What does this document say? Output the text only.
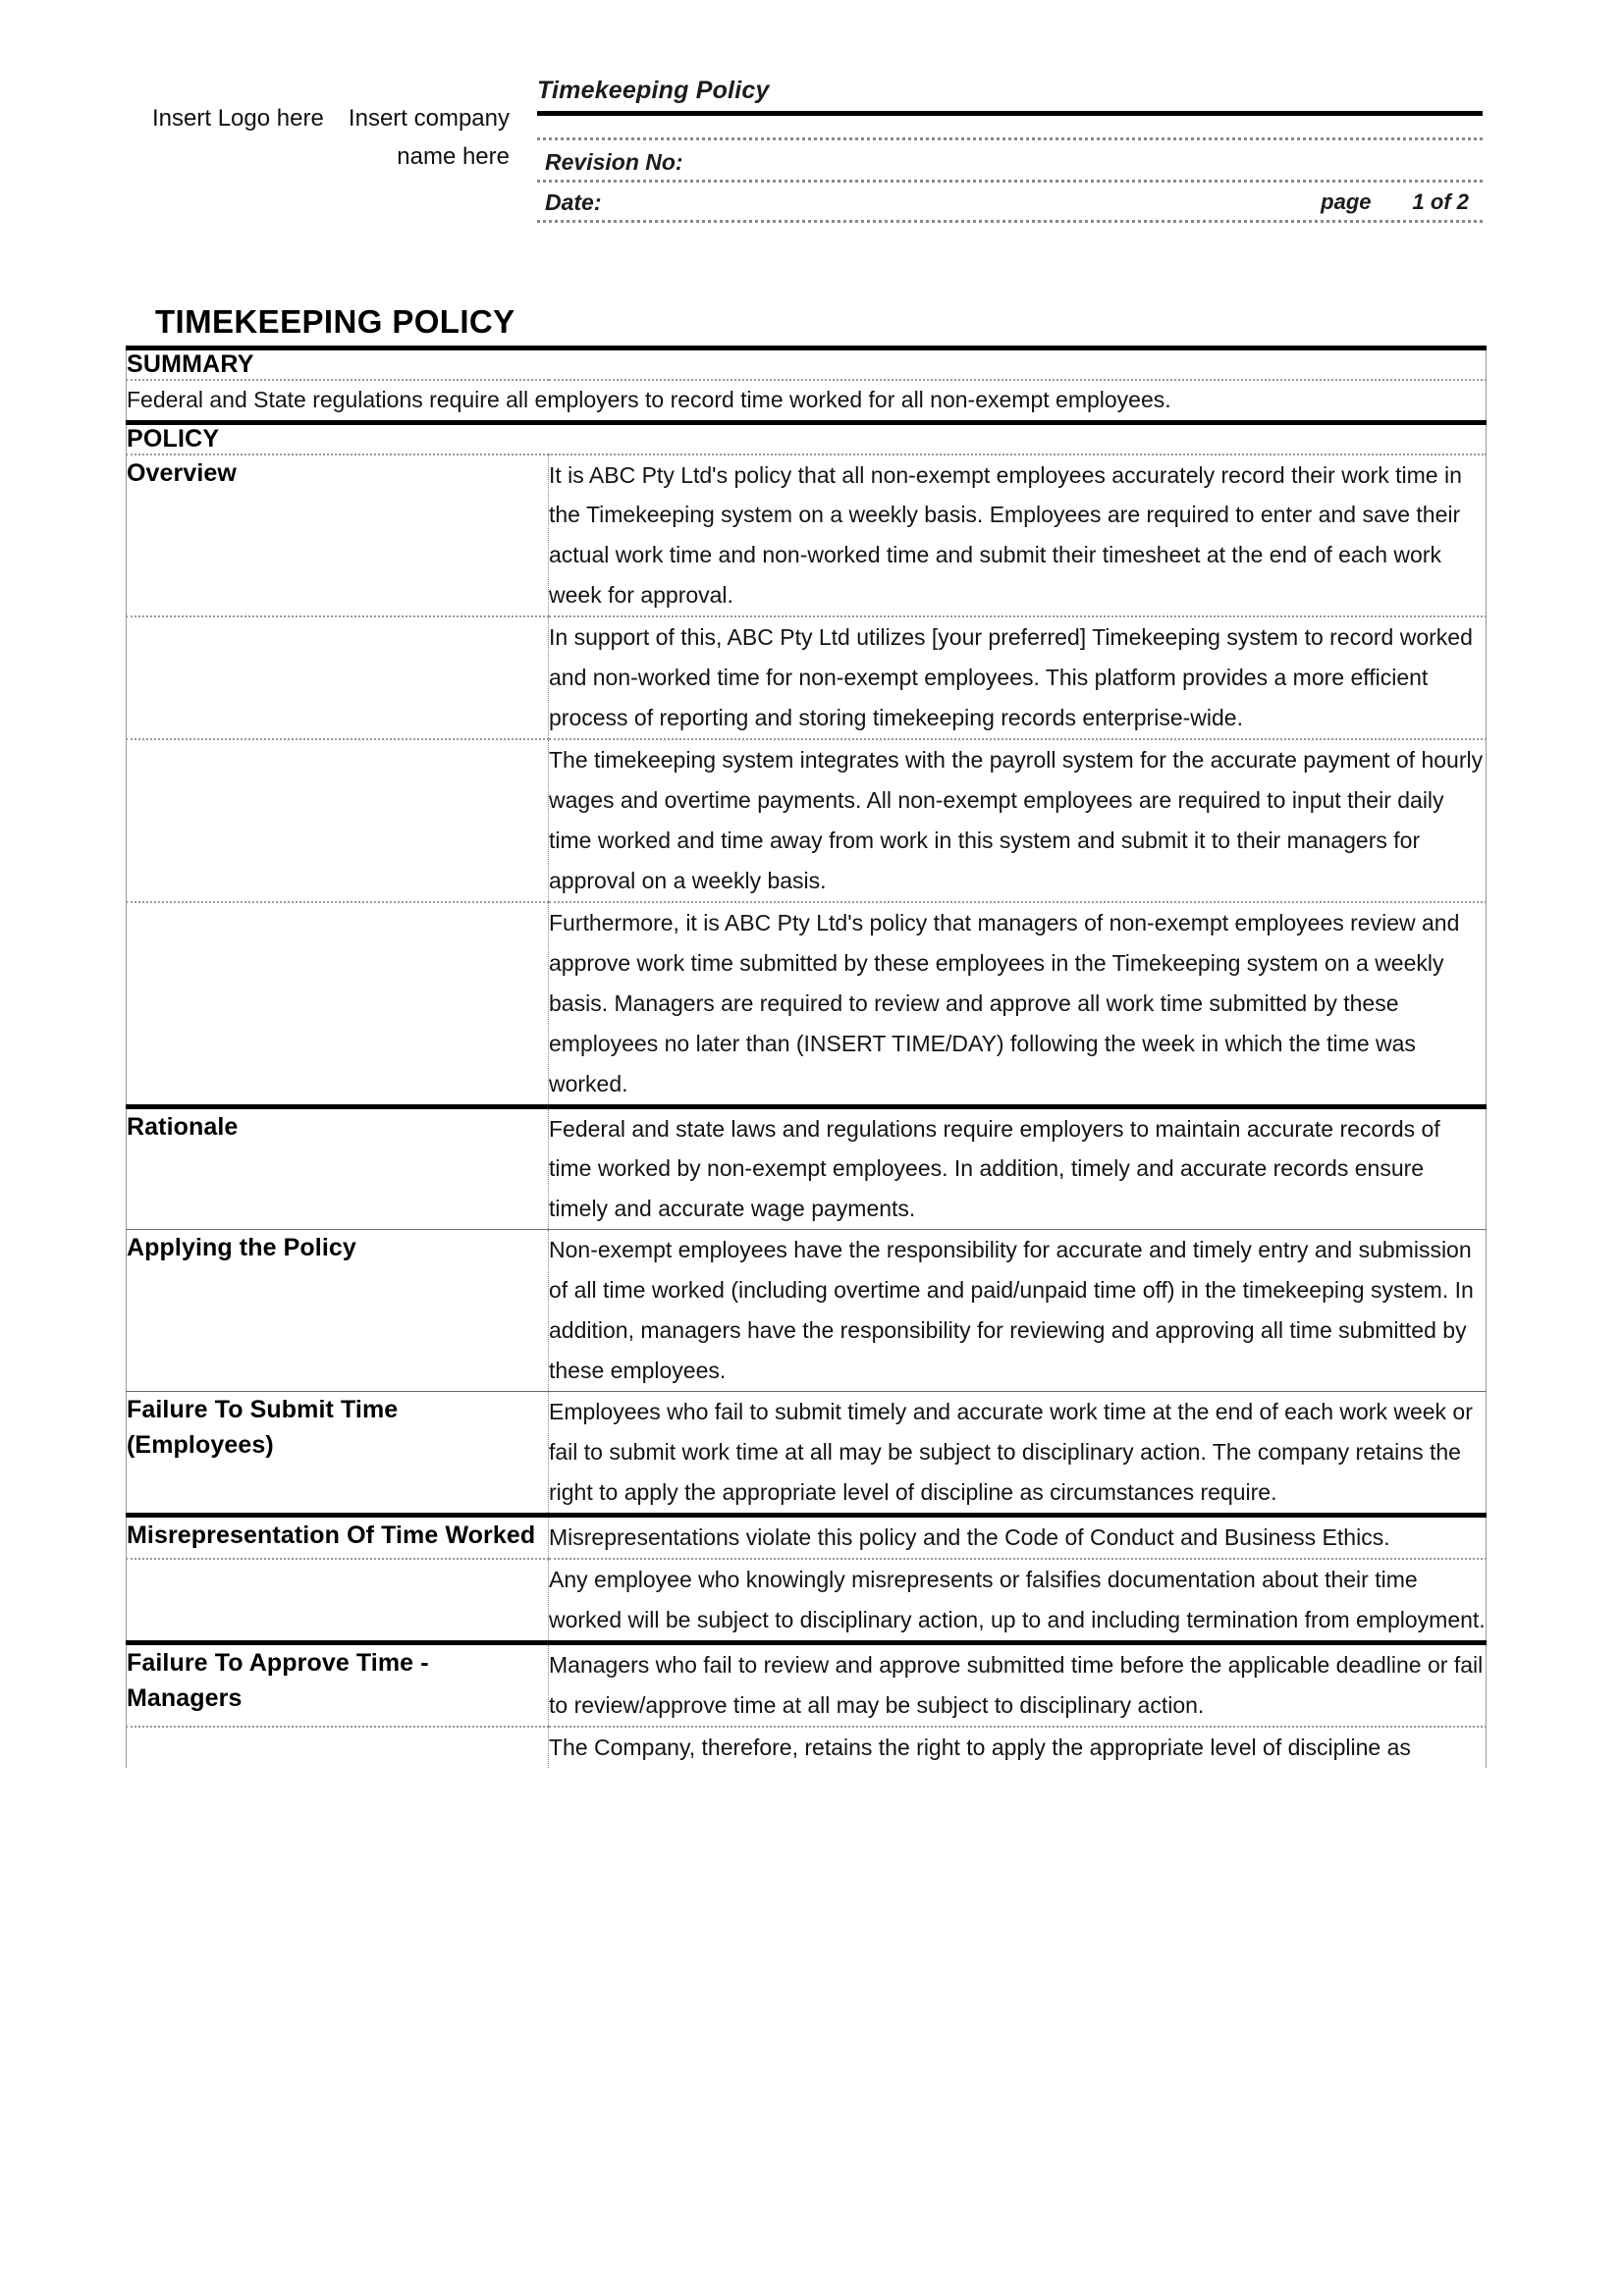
Insert Logo here	Insert company name here
Timekeeping Policy
Revision No:
Date:	page 1 of 2
TIMEKEEPING POLICY
SUMMARY	
Federal and State regulations require all employers to record time worked for all non-exempt employees.	
POLICY	
Overview	It is ABC Pty Ltd's policy that all non-exempt employees accurately record their work time in the Timekeeping system on a weekly basis. Employees are required to enter and save their actual work time and non-worked time and submit their timesheet at the end of each work week for approval.
	In support of this, ABC Pty Ltd utilizes [your preferred] Timekeeping system to record worked and non-worked time for non-exempt employees. This platform provides a more efficient process of reporting and storing timekeeping records enterprise-wide.
	The timekeeping system integrates with the payroll system for the accurate payment of hourly wages and overtime payments. All non-exempt employees are required to input their daily time worked and time away from work in this system and submit it to their managers for approval on a weekly basis.
	Furthermore, it is ABC Pty Ltd's policy that managers of non-exempt employees review and approve work time submitted by these employees in the Timekeeping system on a weekly basis. Managers are required to review and approve all work time submitted by these employees no later than (INSERT TIME/DAY) following the week in which the time was worked.
Rationale	Federal and state laws and regulations require employers to maintain accurate records of time worked by non-exempt employees. In addition, timely and accurate records ensure timely and accurate wage payments.
Applying the Policy	Non-exempt employees have the responsibility for accurate and timely entry and submission of all time worked (including overtime and paid/unpaid time off) in the timekeeping system. In addition, managers have the responsibility for reviewing and approving all time submitted by these employees.
Failure To Submit Time (Employees)	Employees who fail to submit timely and accurate work time at the end of each work week or fail to submit work time at all may be subject to disciplinary action. The company retains the right to apply the appropriate level of discipline as circumstances require.
Misrepresentation Of Time Worked	Misrepresentations violate this policy and the Code of Conduct and Business Ethics.
	Any employee who knowingly misrepresents or falsifies documentation about their time worked will be subject to disciplinary action, up to and including termination from employment.
Failure To Approve Time - Managers	Managers who fail to review and approve submitted time before the applicable deadline or fail to review/approve time at all may be subject to disciplinary action.
	The Company, therefore, retains the right to apply the appropriate level of discipline as
